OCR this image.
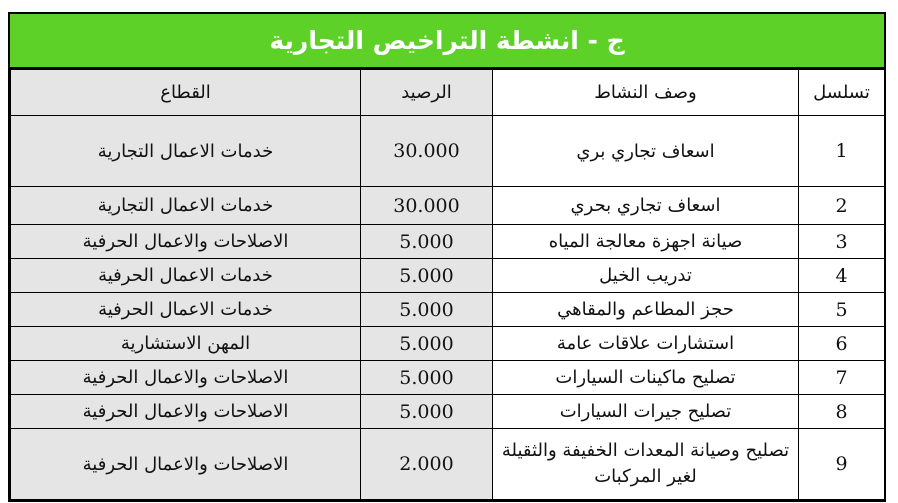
ج - انشطة التراخيص التجارية
تسلسل	وصف النشاط	الرصيد	القطاع
1	اسعاف تجاري بري	30.000	خدمات الاعمال التجارية
2	اسعاف تجاري بحري	30.000	خدمات الاعمال التجارية
3	صيانة اجهزة معالجة المياه	5.000	الاصلاحات والاعمال الحرفية
4	تدريب الخيل	5.000	خدمات الاعمال الحرفية
5	حجز المطاعم والمقاهي	5.000	خدمات الاعمال الحرفية
6	استشارات علاقات عامة	5.000	المهن الاستشارية
7	تصليح ماكينات السيارات	5.000	الاصلاحات والاعمال الحرفية
8	تصليح جيرات السيارات	5.000	الاصلاحات والاعمال الحرفية
9	تصليح وصيانة المعدات الخفيفة والثقيلة لغير المركبات	2.000	الاصلاحات والاعمال الحرفية
